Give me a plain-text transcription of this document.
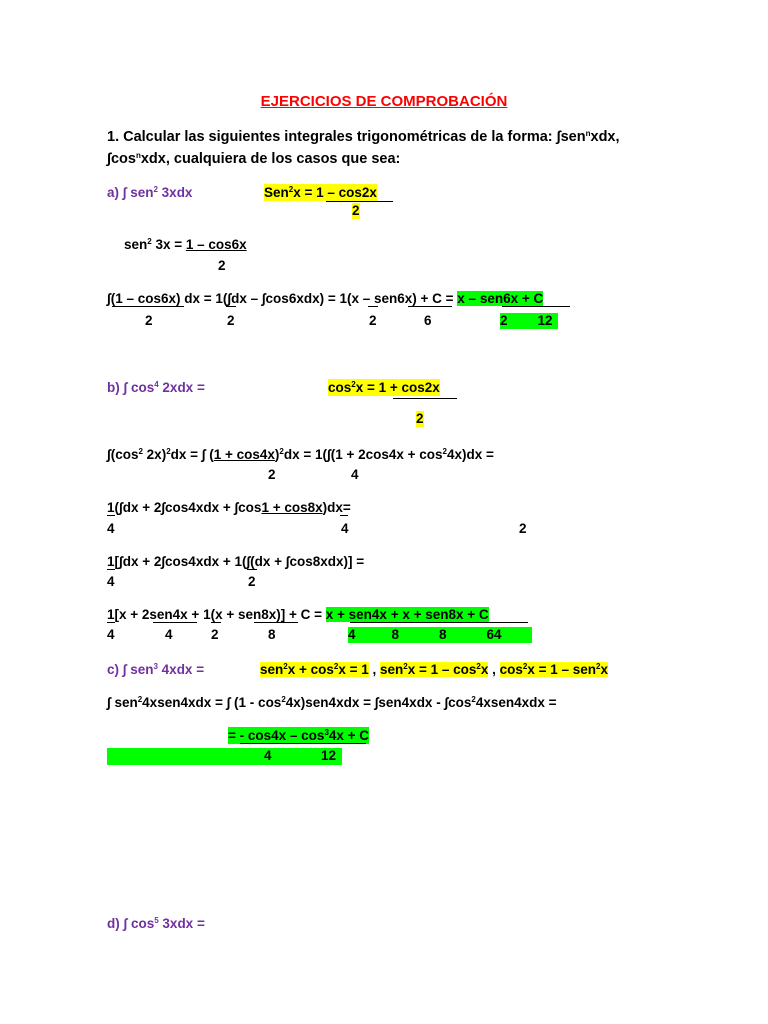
EJERCICIOS DE COMPROBACIÓN
1. Calcular las siguientes integrales trigonométricas de la forma: ∫sen$^n$xdx,
$\int\cos^nxdx$, cualquiera de los casos que sea:
a) ∫ sen$^2$ 3xdx	Sen$^2$x = 1 – cos2x
2
sen$^2$ 3x = 1 – cos6x
2
∫(1 – cos6x) dx = 1(∫dx – ∫cos6xdx) = 1(x – sen6x) + C = x – sen6x + C
2	2	2	6	2 12
b) ∫ $\cos^4 2xdx$ =	$\cos^2x = 1 + \cos 2x$
2
$\int(\cos^2$ 2x)$^2$dx = ∫ $(1 + \cos 4x)^2dx = 1(\int(1 + 2\cos 4x + \cos^24x)dx$ =
2	4
1(∫dx + 2∫cos4xdx + ∫cos1 + cos8x)dx=
4	4	2
1[∫dx + 2∫cos4xdx + 1(∫(dx + ∫cos8xdx)] =
4	2
1[x + 2sen4x + 1(x + sen8x)] + C = x + sen4x + x + sen8x + C
4	4	2	8	4	8	8	64
c) ∫ sen$^3$ 4xdx =	$sen^2x + \cos^2x = 1$ , $sen^2x = 1 - \cos^2x$ , $\cos^2x = 1 - sen^2x$
∫ sen$^2$4xsen4xdx = ∫ $(1 - \cos^24x)sen4xdx = \int sen4xdx$ - $\int\cos^24xsen4xdx$ =
= - $\cos 4x - \cos^34x + C$
4	12
d) ∫ $\cos^5 3xdx$ =
